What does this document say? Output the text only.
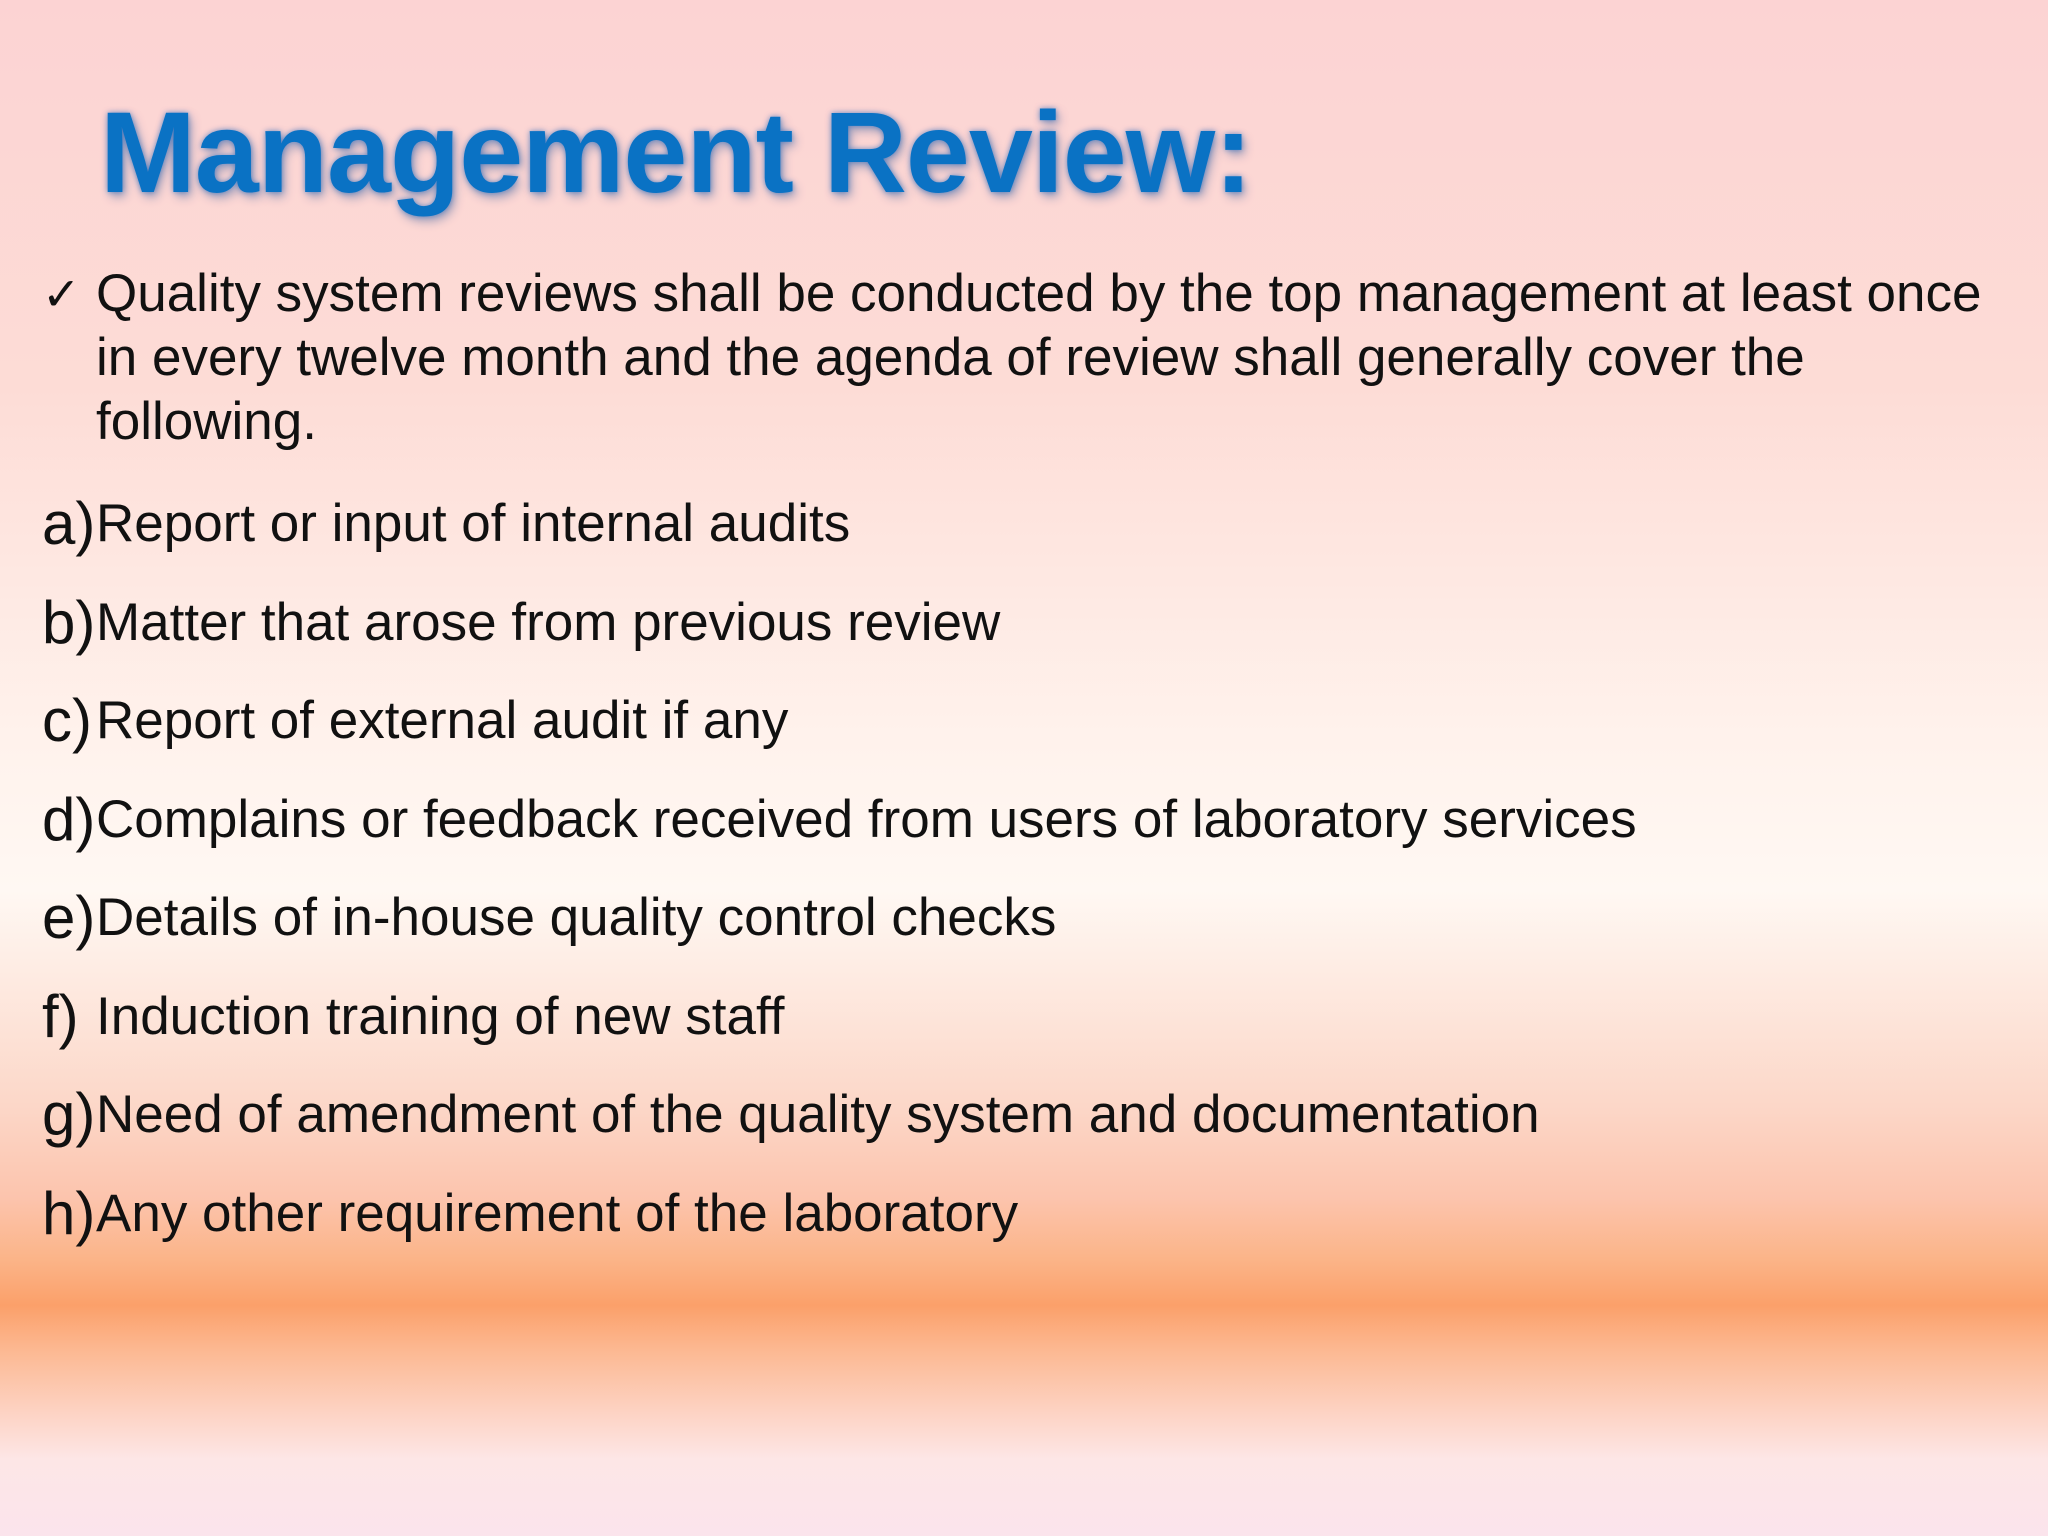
Management Review:
✓ Quality system reviews shall be conducted by the top management at least once in every twelve month and the agenda of review shall generally cover the following.
a) Report or input of internal audits
b) Matter that arose from previous review
c) Report of external audit if any
d) Complains or feedback received from users of laboratory services
e) Details of in-house quality control checks
f) Induction training of new staff
g) Need of amendment of the quality system and documentation
h) Any other requirement of the laboratory
